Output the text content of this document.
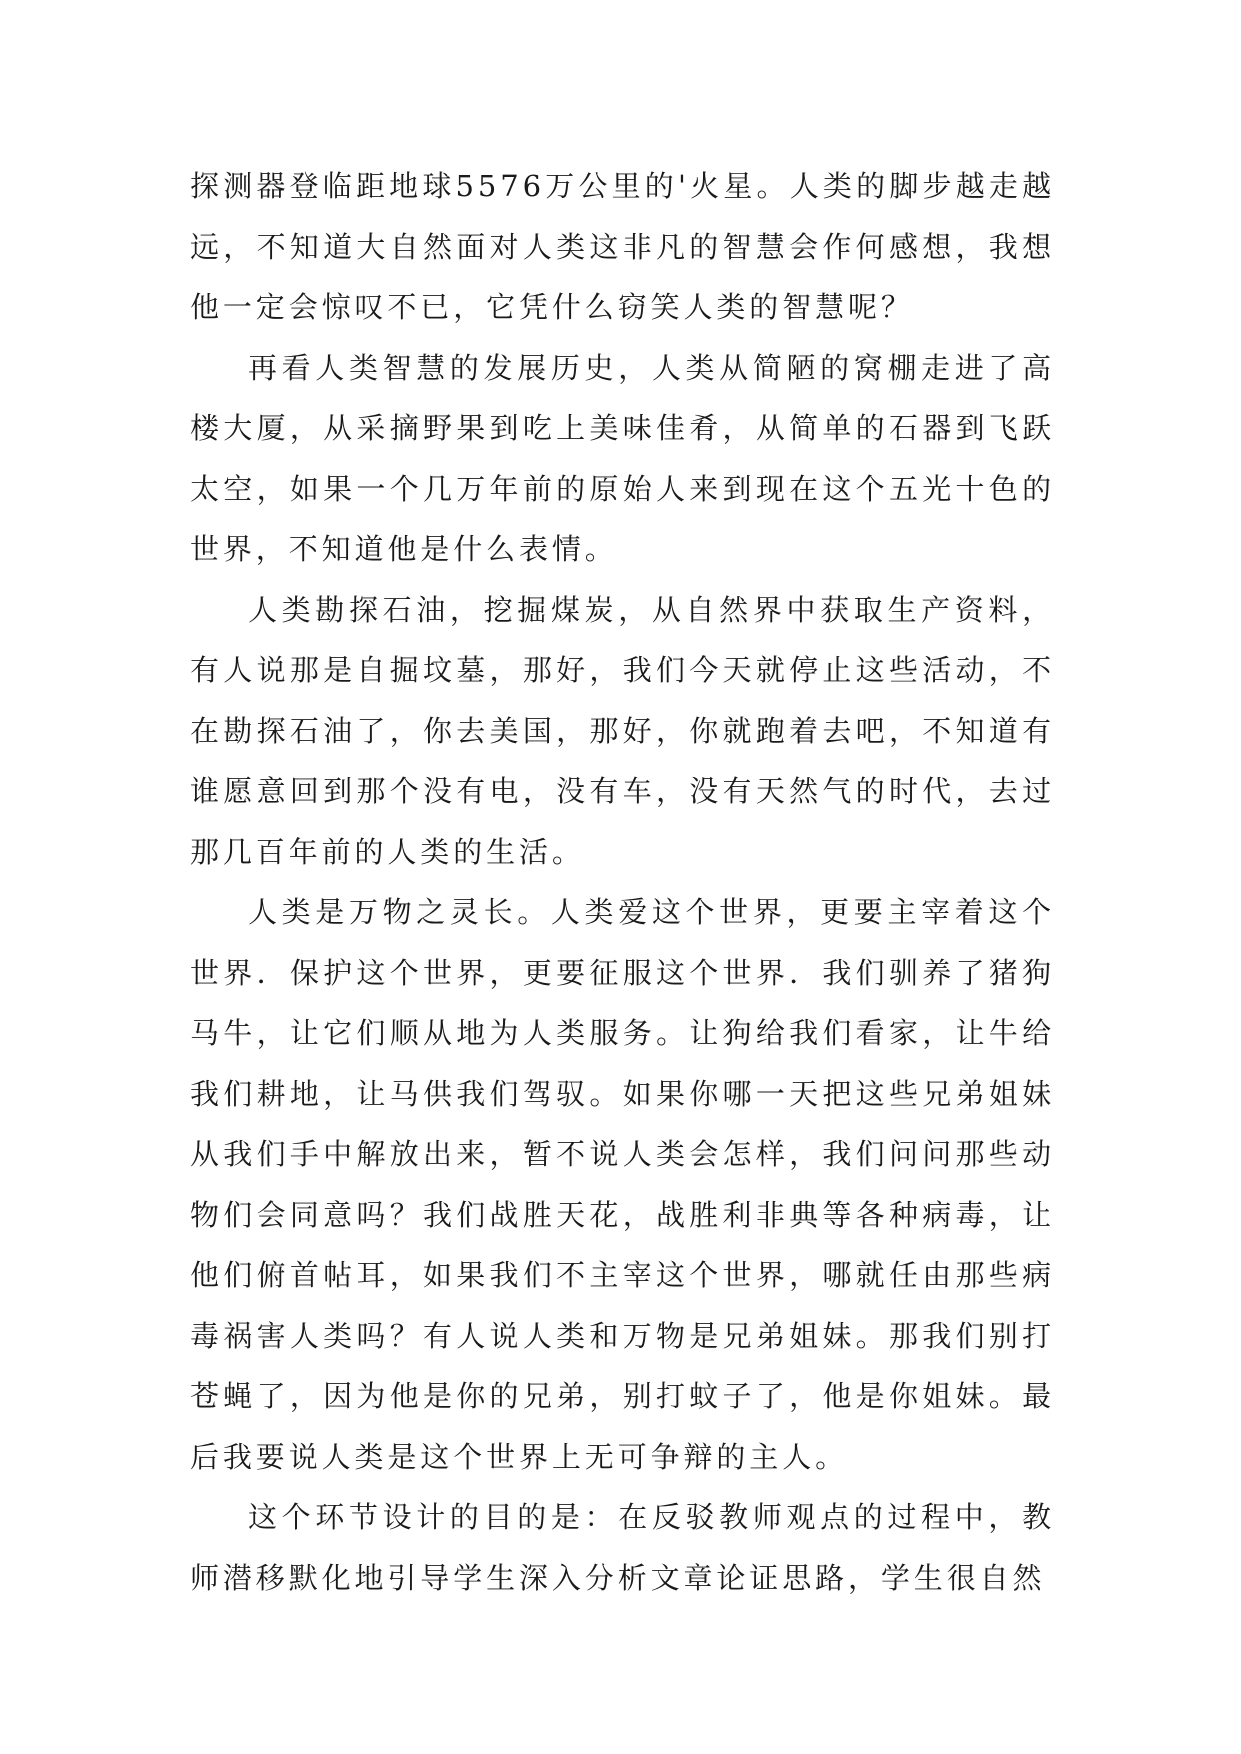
探测器登临距地球5576万公里的'火星。人类的脚步越走越远，不知道大自然面对人类这非凡的智慧会作何感想，我想他一定会惊叹不已，它凭什么窃笑人类的智慧呢？

再看人类智慧的发展历史，人类从简陋的窝棚走进了高楼大厦，从采摘野果到吃上美味佳肴，从简单的石器到飞跃太空，如果一个几万年前的原始人来到现在这个五光十色的世界，不知道他是什么表情。

人类勘探石油，挖掘煤炭，从自然界中获取生产资料，有人说那是自掘坟墓，那好，我们今天就停止这些活动，不在勘探石油了，你去美国，那好，你就跑着去吧，不知道有谁愿意回到那个没有电，没有车，没有天然气的时代，去过那几百年前的人类的生活。

人类是万物之灵长。人类爱这个世界，更要主宰着这个世界．保护这个世界，更要征服这个世界．我们驯养了猪狗马牛，让它们顺从地为人类服务。让狗给我们看家，让牛给我们耕地，让马供我们驾驭。如果你哪一天把这些兄弟姐妹从我们手中解放出来，暂不说人类会怎样，我们问问那些动物们会同意吗？我们战胜天花，战胜利非典等各种病毒，让他们俯首帖耳，如果我们不主宰这个世界，哪就任由那些病毒祸害人类吗？有人说人类和万物是兄弟姐妹。那我们别打苍蝇了，因为他是你的兄弟，别打蚊子了，他是你姐妹。最后我要说人类是这个世界上无可争辩的主人。

这个环节设计的目的是：在反驳教师观点的过程中，教师潜移默化地引导学生深入分析文章论证思路，学生很自然
